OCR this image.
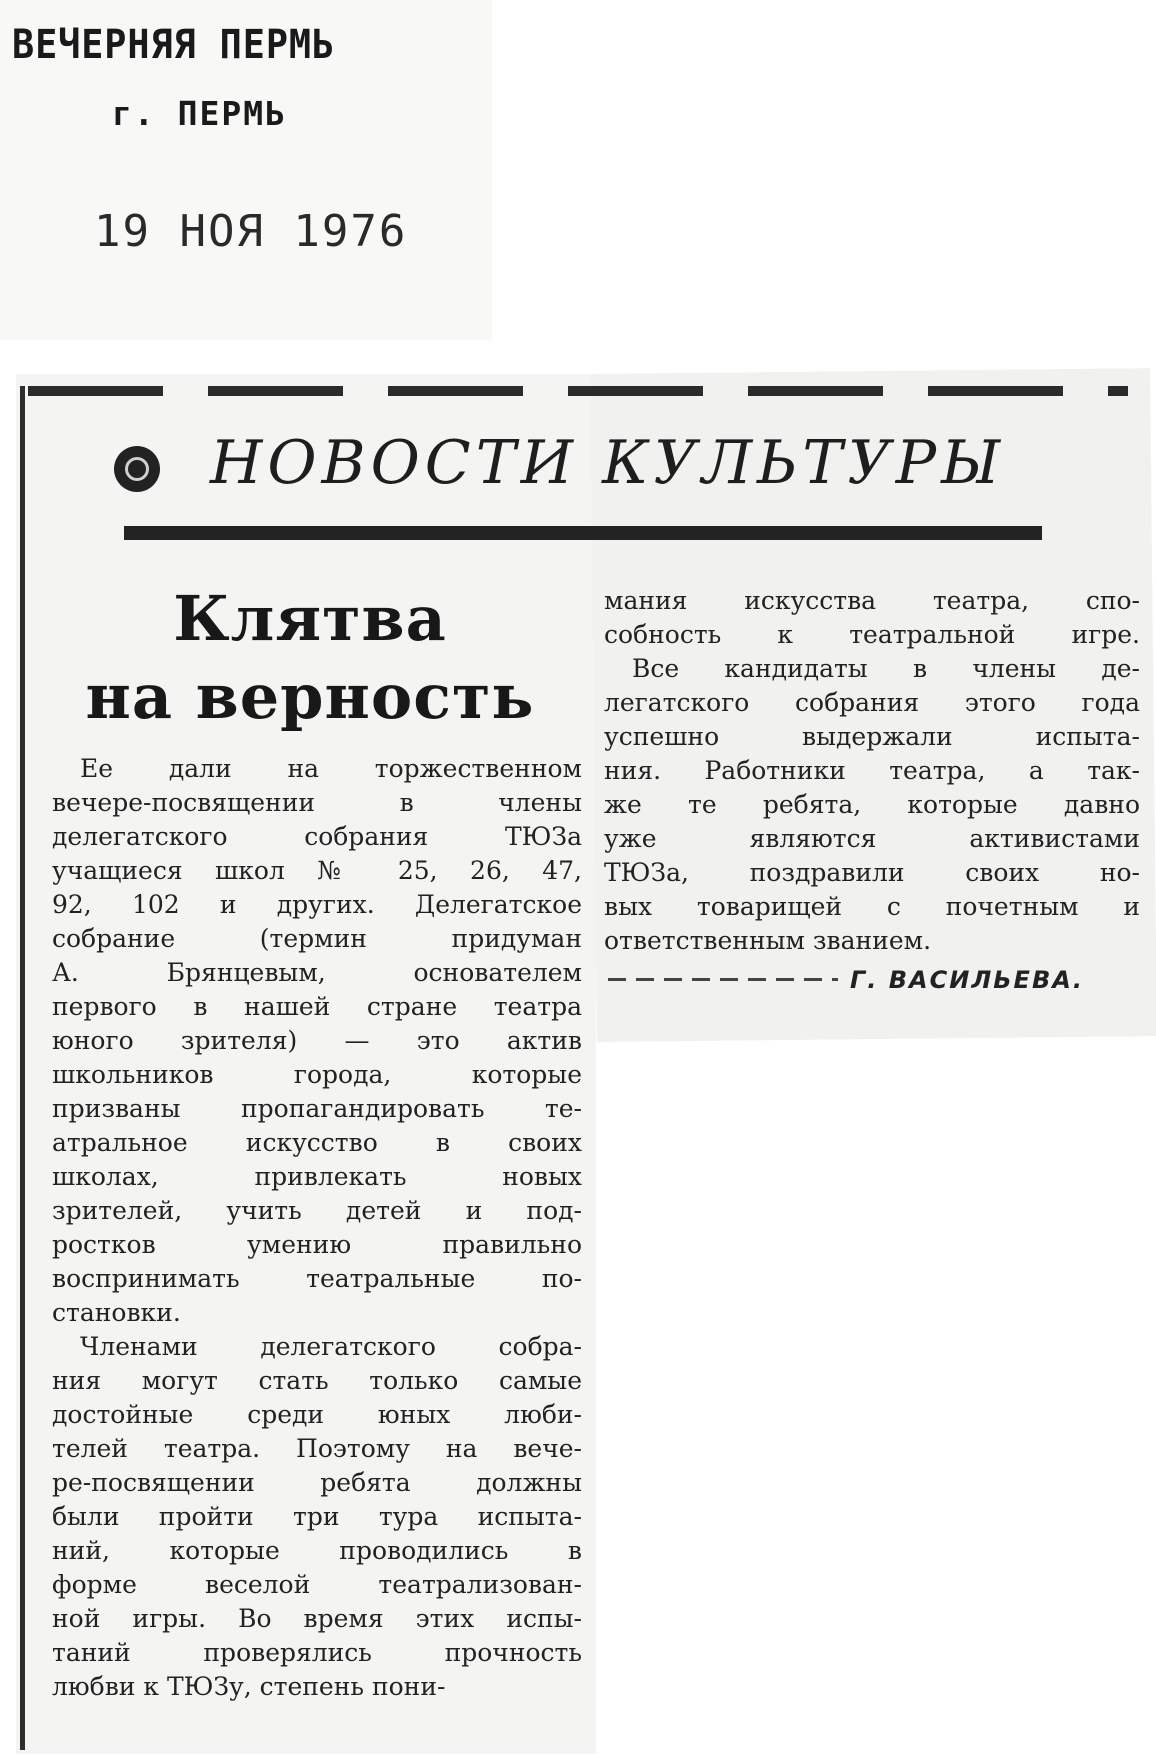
ВЕЧЕРНЯЯ ПЕРМЬ
г. ПЕРМЬ
19 НОЯ 1976
НОВОСТИ КУЛЬТУРЫ
Клятва
на верность
Ее дали на торжественном
вечере-посвящении в члены
делегатского собрания ТЮЗа
учащиеся школ № 25, 26, 47,
92, 102 и других. Делегатское
собрание (термин придуман
А. Брянцевым, основателем
первого в нашей стране театра
юного зрителя) — это актив
школьников города, которые
призваны пропагандировать те-
атральное искусство в своих
школах, привлекать новых
зрителей, учить детей и под-
ростков умению правильно
воспринимать театральные по-
становки.
Членами делегатского собра-
ния могут стать только самые
достойные среди юных люби-
телей театра. Поэтому на вече-
ре-посвящении ребята должны
были пройти три тура испыта-
ний, которые проводились в
форме веселой театрализован-
ной игры. Во время этих испы-
таний проверялись прочность
любви к ТЮЗу, степень пони-
мания искусства театра, спо-
собность к театральной игре.
Все кандидаты в члены де-
легатского собрания этого года
успешно выдержали испыта-
ния. Работники театра, а так-
же те ребята, которые давно
уже являются активистами
ТЮЗа, поздравили своих но-
вых товарищей с почетным и
ответственным званием.
Г. ВАСИЛЬЕВА.
